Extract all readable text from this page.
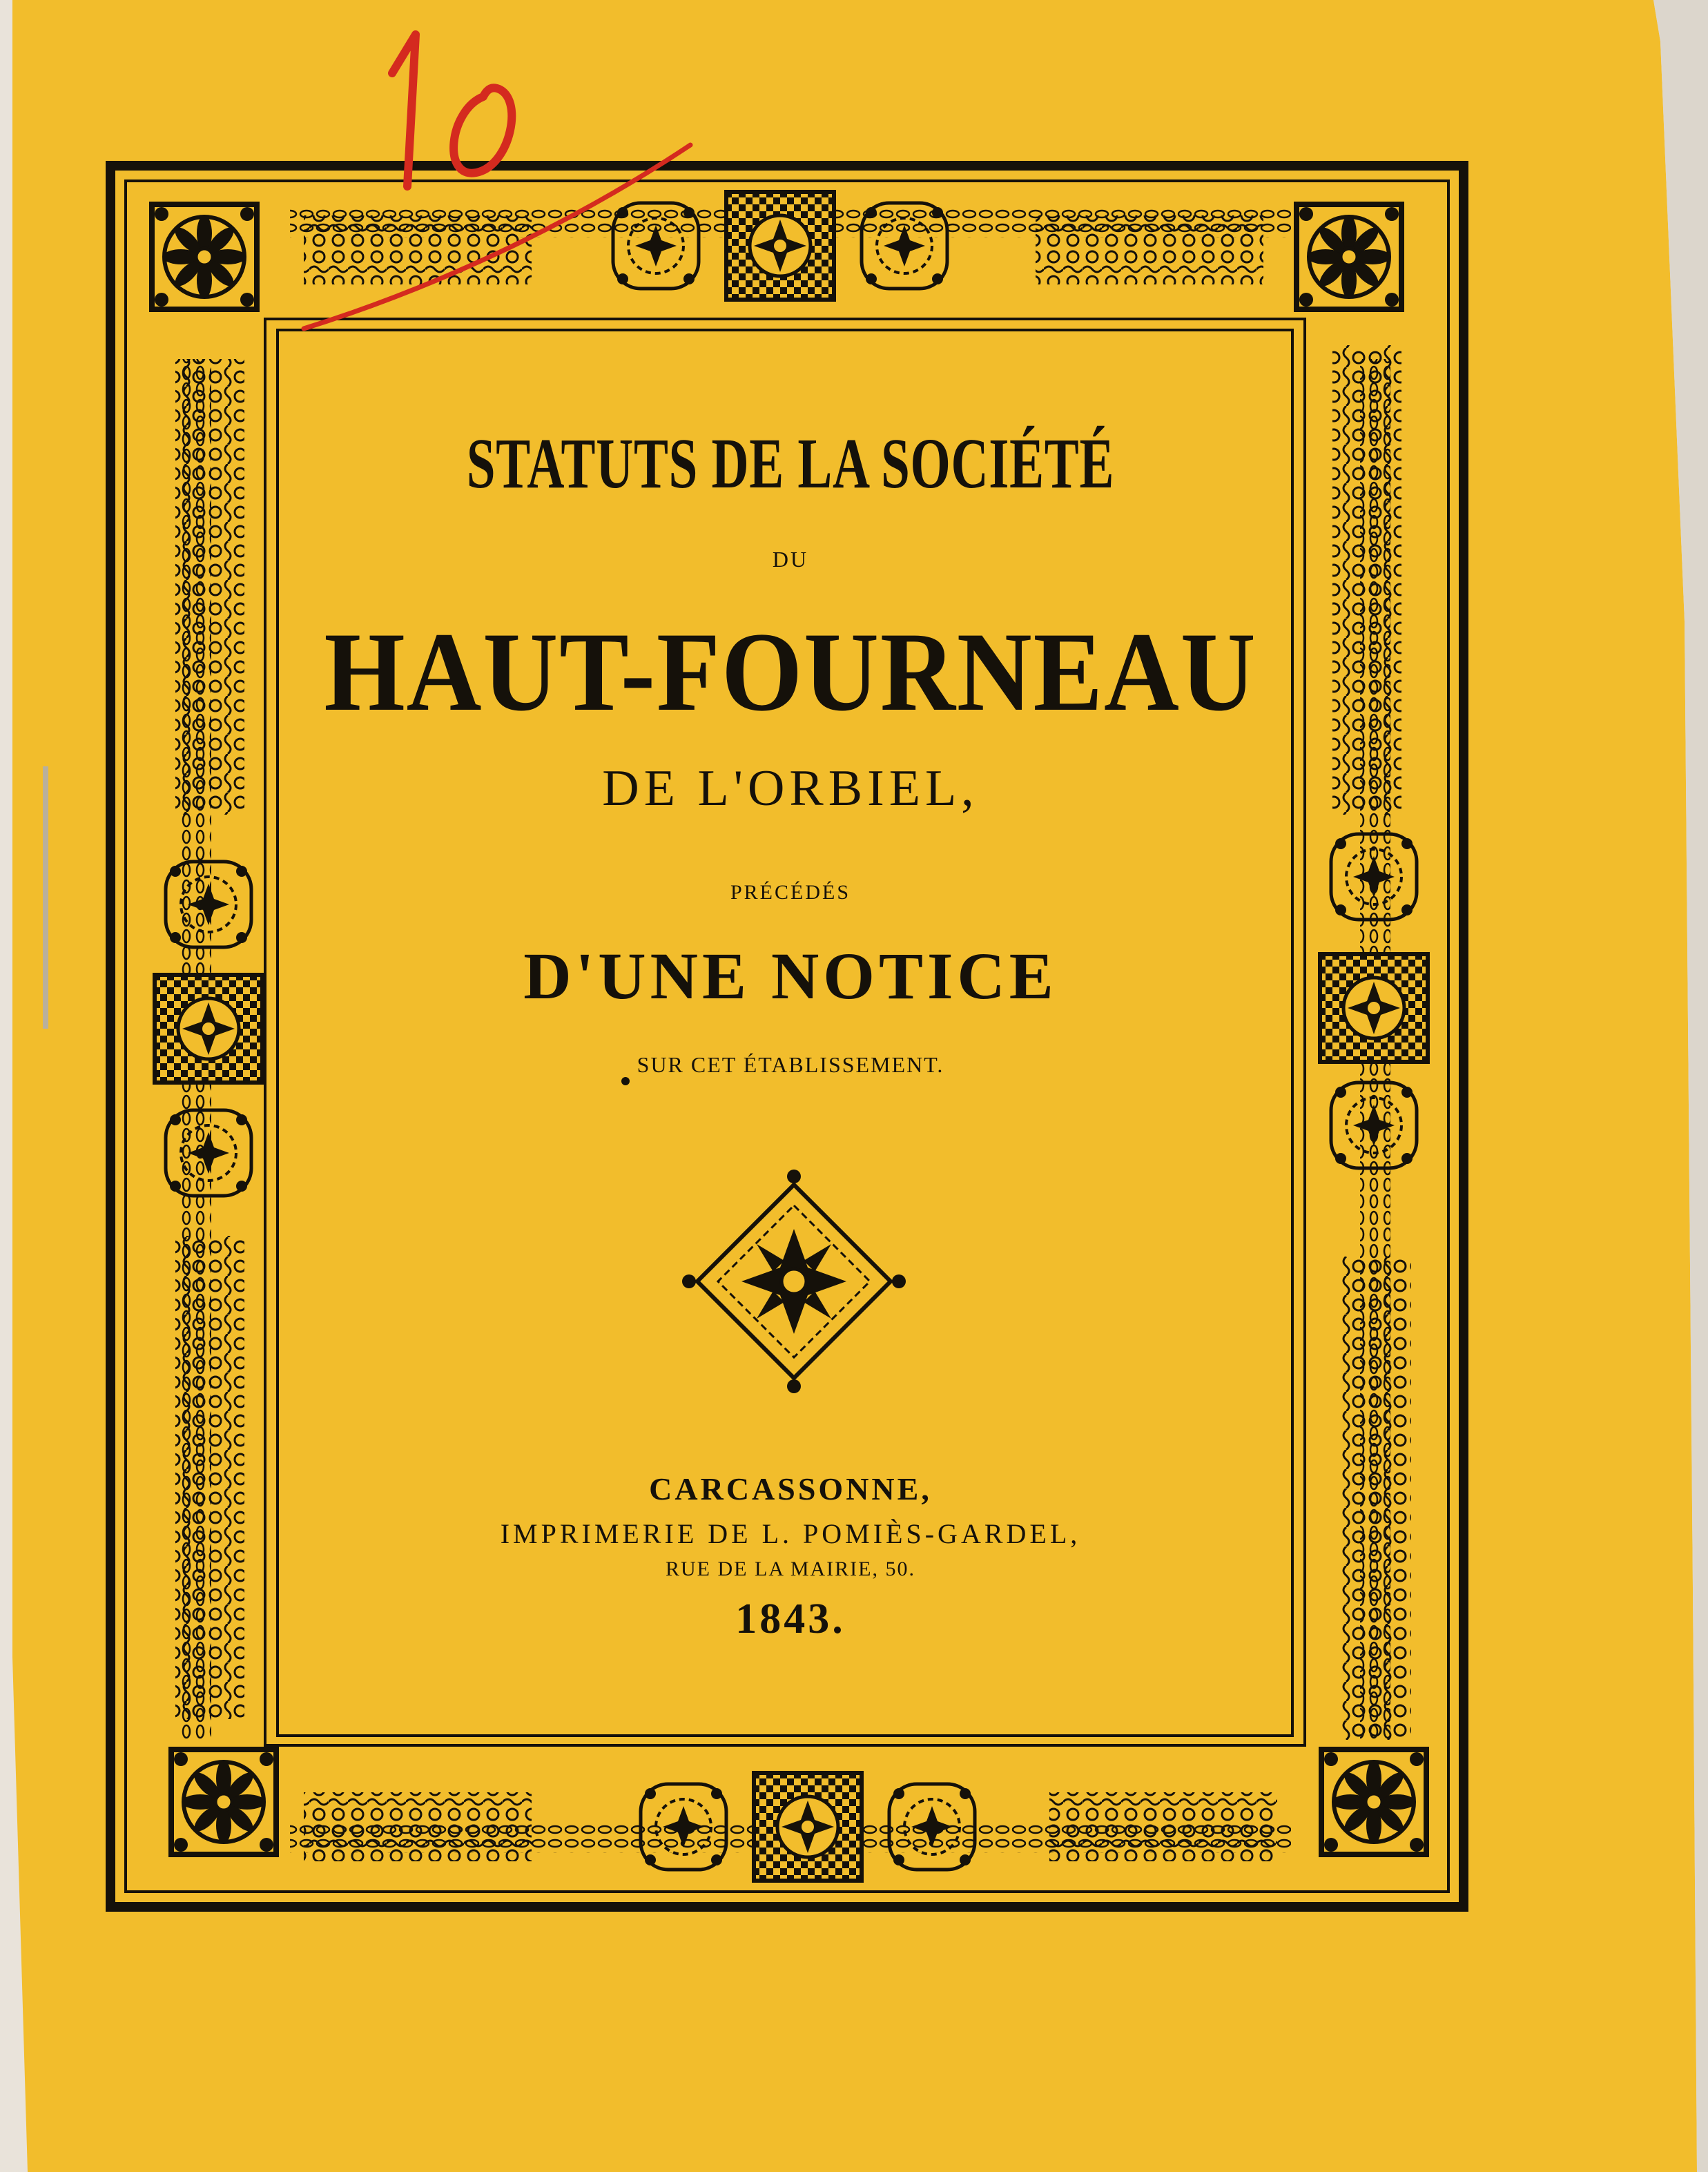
STATUTS DE LA SOCIÉTÉ

DU

HAUT-FOURNEAU

DE L'ORBIEL,

PRÉCÉDÉS

D'UNE NOTICE

SUR CET ÉTABLISSEMENT.

CARCASSONNE,

IMPRIMERIE DE L. POMIÈS-GARDEL,

RUE DE LA MAIRIE, 50.

1843.
